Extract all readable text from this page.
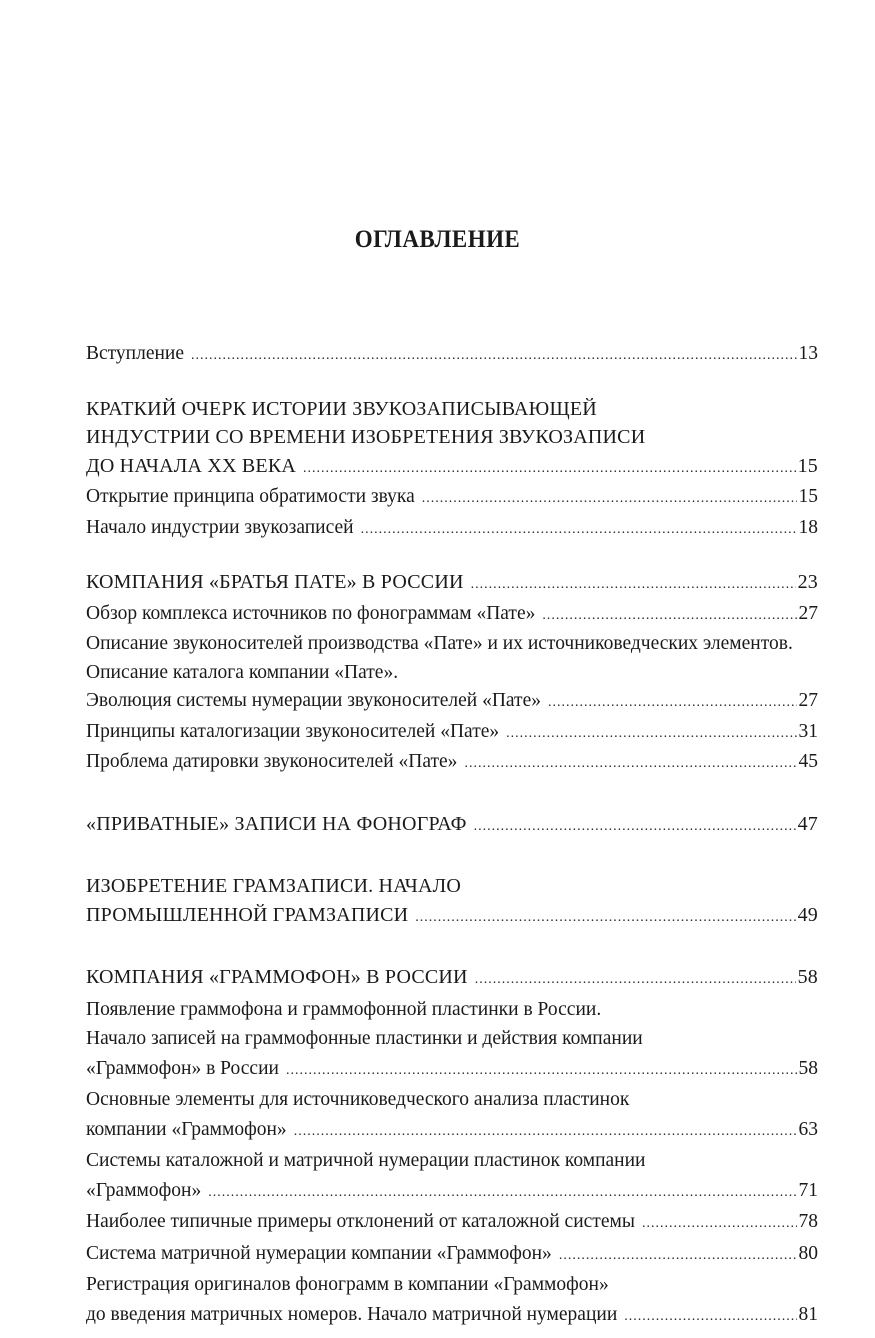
ОГЛАВЛЕНИЕ
Вступление .....	13
КРАТКИЙ ОЧЕРК ИСТОРИИ ЗВУКОЗАПИСЫВАЮЩЕЙ
ИНДУСТРИИ СО ВРЕМЕНИ ИЗОБРЕТЕНИЯ ЗВУКОЗАПИСИ
ДО НАЧАЛА XX ВЕКА .....	15
Открытие принципа обратимости звука .....	15
Начало индустрии звукозаписей .....	18
КОМПАНИЯ «БРАТЬЯ ПАТЕ» В РОССИИ .....	23
Обзор комплекса источников по фонограммам «Пате» .....	27
Описание звуконосителей производства «Пате» и их источниковедческих элементов.
Описание каталога компании «Пате».
Эволюция системы нумерации звуконосителей «Пате» .....	27
Принципы каталогизации звуконосителей «Пате» .....	31
Проблема датировки звуконосителей «Пате» .....	45
«ПРИВАТНЫЕ» ЗАПИСИ НА ФОНОГРАФ .....	47
ИЗОБРЕТЕНИЕ ГРАМЗАПИСИ. НАЧАЛО
ПРОМЫШЛЕННОЙ ГРАМЗАПИСИ .....	49
КОМПАНИЯ «ГРАММОФОН» В РОССИИ .....	58
Появление граммофона и граммофонной пластинки в России.
Начало записей на граммофонные пластинки и действия компании
«Граммофон» в России .....	58
Основные элементы для источниковедческого анализа пластинок
компании «Граммофон» .....	63
Системы каталожной и матричной нумерации пластинок компании
«Граммофон» .....	71
Наиболее типичные примеры отклонений от каталожной системы .....	78
Система матричной нумерации компании «Граммофон» .....	80
Регистрация оригиналов фонограмм в компании «Граммофон»
до введения матричных номеров. Начало матричной нумерации .....	81
